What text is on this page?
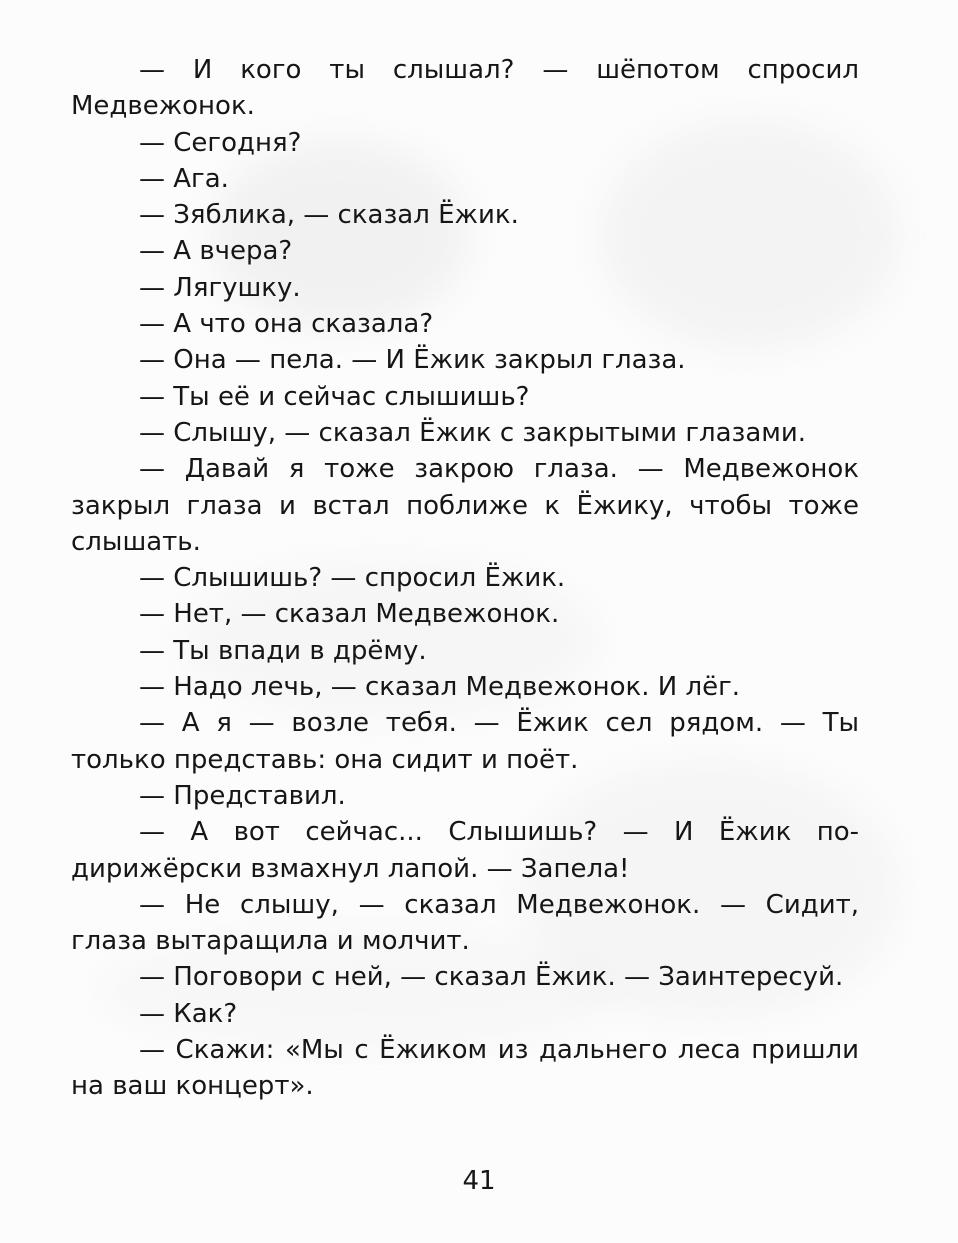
— И кого ты слышал? — шёпотом спросил Медвежонок.

— Сегодня?

— Ага.

— Зяблика, — сказал Ёжик.

— А вчера?

— Лягушку.

— А что она сказала?

— Она — пела. — И Ёжик закрыл глаза.

— Ты её и сейчас слышишь?

— Слышу, — сказал Ёжик с закрытыми глазами.

— Давай я тоже закрою глаза. — Медвежонок закрыл глаза и встал поближе к Ёжику, чтобы тоже слышать.

— Слышишь? — спросил Ёжик.

— Нет, — сказал Медвежонок.

— Ты впади в дрёму.

— Надо лечь, — сказал Медвежонок. И лёг.

— А я — возле тебя. — Ёжик сел рядом. — Ты только представь: она сидит и поёт.

— Представил.

— А вот сейчас... Слышишь? — И Ёжик подирижёрски взмахнул лапой. — Запела!

— Не слышу, — сказал Медвежонок. — Сидит, глаза вытаращила и молчит.

— Поговори с ней, — сказал Ёжик. — Заинтересуй.

— Как?

— Скажи: «Мы с Ёжиком из дальнего леса пришли на ваш концерт».

41
